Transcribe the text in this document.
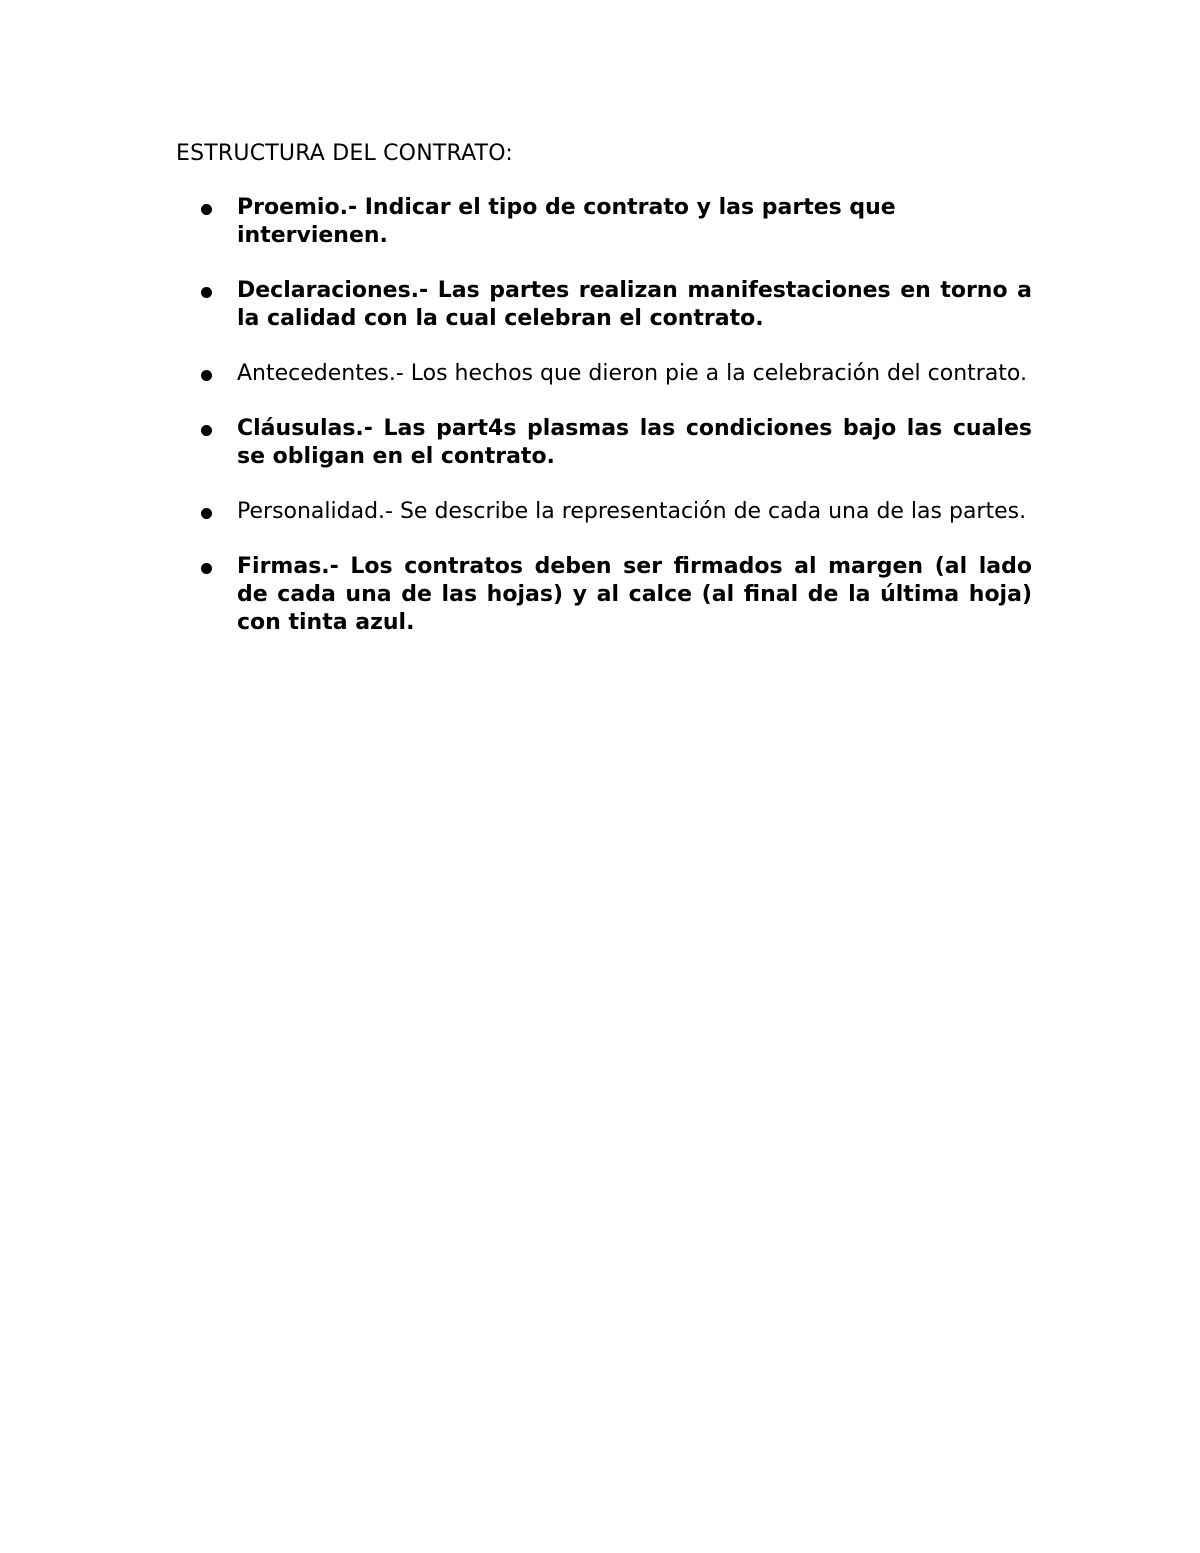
ESTRUCTURA DEL CONTRATO:
Proemio.- Indicar el tipo de contrato y las partes que intervienen.
Declaraciones.- Las partes realizan manifestaciones en torno a la calidad con la cual celebran el contrato.
Antecedentes.- Los hechos que dieron pie a la celebración del contrato.
Cláusulas.- Las part4s plasmas las condiciones bajo las cuales se obligan en el contrato.
Personalidad.- Se describe la representación de cada una de las partes.
Firmas.- Los contratos deben ser firmados al margen (al lado de cada una de las hojas) y al calce (al final de la última hoja) con tinta azul.
